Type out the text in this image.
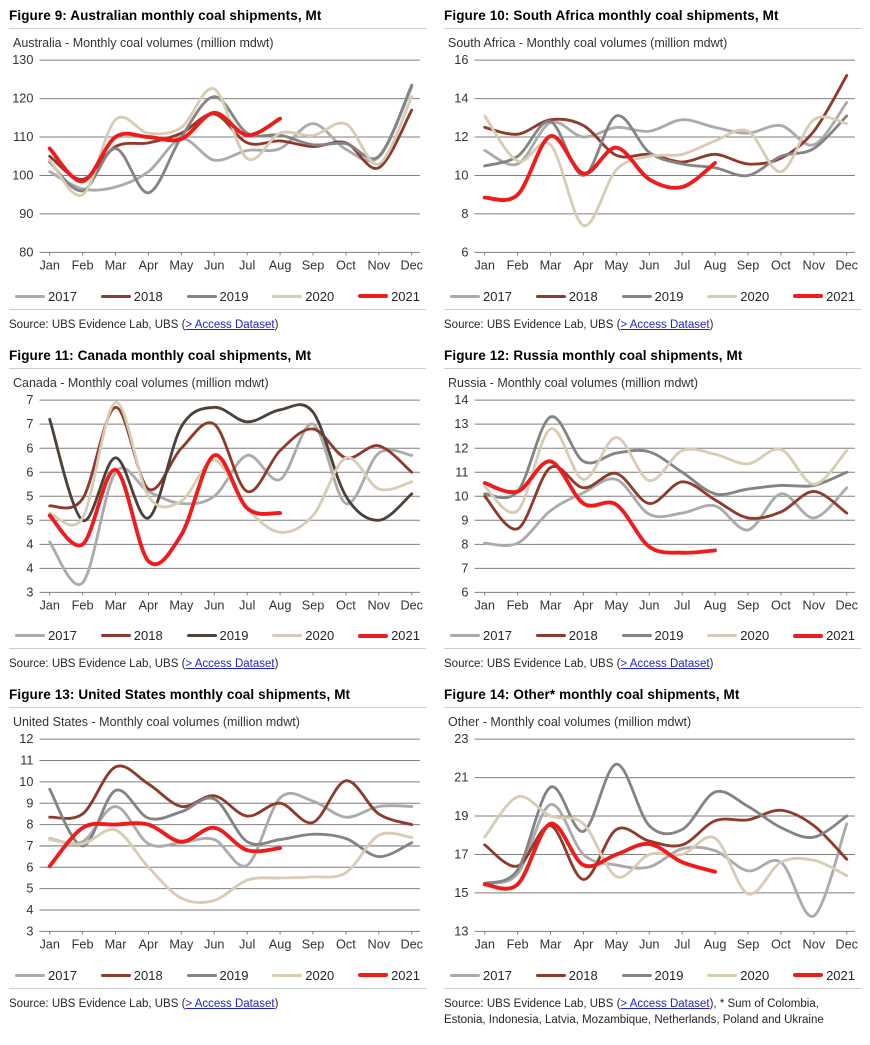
Figure 9: Australian monthly coal shipments, Mt
Australia - Monthly coal volumes (million mdwt)
130
120
110
100
90
80
Jan Feb Mar Apr May Jun Jul Aug Sep Oct Nov Dec
2017	2018	2019	2020	2021
Source: UBS Evidence Lab, UBS (> Access Dataset)
Figure 10: South Africa monthly coal shipments, Mt
South Africa - Monthly coal volumes (million mdwt)
16
14
12
10
8
6
Jan Feb Mar Apr May Jun Jul Aug Sep Oct Nov Dec
2017	2018	2019	2020	2021
Source: UBS Evidence Lab, UBS (> Access Dataset)
Figure 11: Canada monthly coal shipments, Mt
Canada - Monthly coal volumes (million mdwt)
7
7
6
6
5
5
4
4
3
Jan Feb Mar Apr May Jun Jul Aug Sep Oct Nov Dec
2017	2018	2019	2020	2021
Source: UBS Evidence Lab, UBS (> Access Dataset)
Figure 12: Russia monthly coal shipments, Mt
Russia - Monthly coal volumes (million mdwt)
14
13
12
11
10
9
8
7
6
Jan Feb Mar Apr May Jun Jul Aug Sep Oct Nov Dec
2017	2018	2019	2020	2021
Source: UBS Evidence Lab, UBS (> Access Dataset)
Figure 13: United States monthly coal shipments, Mt
United States - Monthly coal volumes (million mdwt)
12
11
10
9
8
7
6
5
4
3
Jan Feb Mar Apr May Jun Jul Aug Sep Oct Nov Dec
2017	2018	2019	2020	2021
Source: UBS Evidence Lab, UBS (> Access Dataset)
Figure 14: Other* monthly coal shipments, Mt
Other - Monthly coal volumes (million mdwt)
23
21
19
17
15
13
Jan Feb Mar Apr May Jun Jul Aug Sep Oct Nov Dec
2017	2018	2019	2020	2021
Source: UBS Evidence Lab, UBS (> Access Dataset), * Sum of Colombia, Estonia, Indonesia, Latvia, Mozambique, Netherlands, Poland and Ukraine
